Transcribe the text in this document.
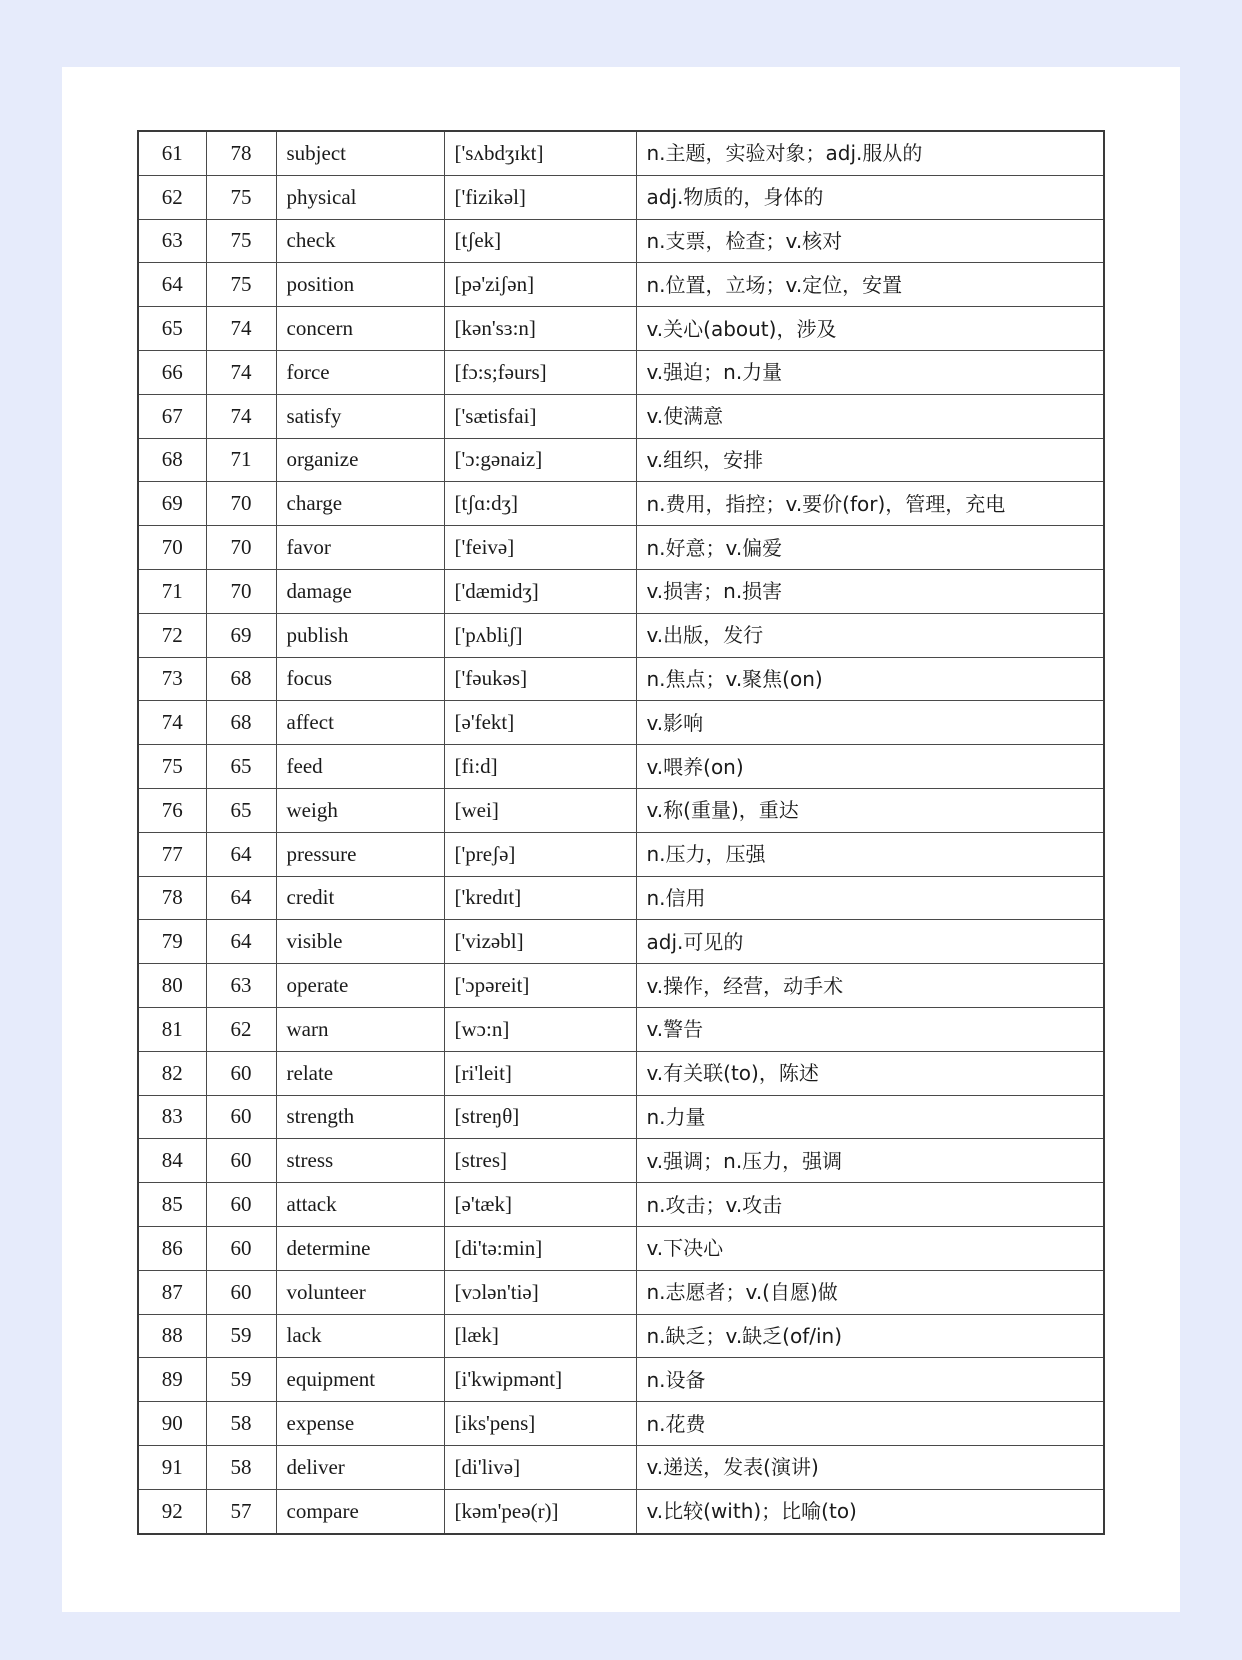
61	78	subject	['sʌbdʒɪkt]	n.主题，实验对象；adj.服从的
62	75	physical	['fizikəl]	adj.物质的，身体的
63	75	check	[tʃek]	n.支票，检查；v.核对
64	75	position	[pə'ziʃən]	n.位置，立场；v.定位，安置
65	74	concern	[kən'sɜ:n]	v.关心(about)，涉及
66	74	force	[fɔ:s;fəurs]	v.强迫；n.力量
67	74	satisfy	['sætisfai]	v.使满意
68	71	organize	['ɔ:gənaiz]	v.组织，安排
69	70	charge	[tʃɑ:dʒ]	n.费用，指控；v.要价(for)，管理，充电
70	70	favor	['feivə]	n.好意；v.偏爱
71	70	damage	['dæmidʒ]	v.损害；n.损害
72	69	publish	['pʌbliʃ]	v.出版，发行
73	68	focus	['fəukəs]	n.焦点；v.聚焦(on)
74	68	affect	[ə'fekt]	v.影响
75	65	feed	[fi:d]	v.喂养(on)
76	65	weigh	[wei]	v.称(重量)，重达
77	64	pressure	['preʃə]	n.压力，压强
78	64	credit	['kredɪt]	n.信用
79	64	visible	['vizəbl]	adj.可见的
80	63	operate	['ɔpəreit]	v.操作，经营，动手术
81	62	warn	[wɔ:n]	v.警告
82	60	relate	[ri'leit]	v.有关联(to)，陈述
83	60	strength	[streŋθ]	n.力量
84	60	stress	[stres]	v.强调；n.压力，强调
85	60	attack	[ə'tæk]	n.攻击；v.攻击
86	60	determine	[di'tə:min]	v.下决心
87	60	volunteer	[vɔlən'tiə]	n.志愿者；v.(自愿)做
88	59	lack	[læk]	n.缺乏；v.缺乏(of/in)
89	59	equipment	[i'kwipmənt]	n.设备
90	58	expense	[iks'pens]	n.花费
91	58	deliver	[di'livə]	v.递送，发表(演讲)
92	57	compare	[kəm'peə(r)]	v.比较(with)；比喻(to)
